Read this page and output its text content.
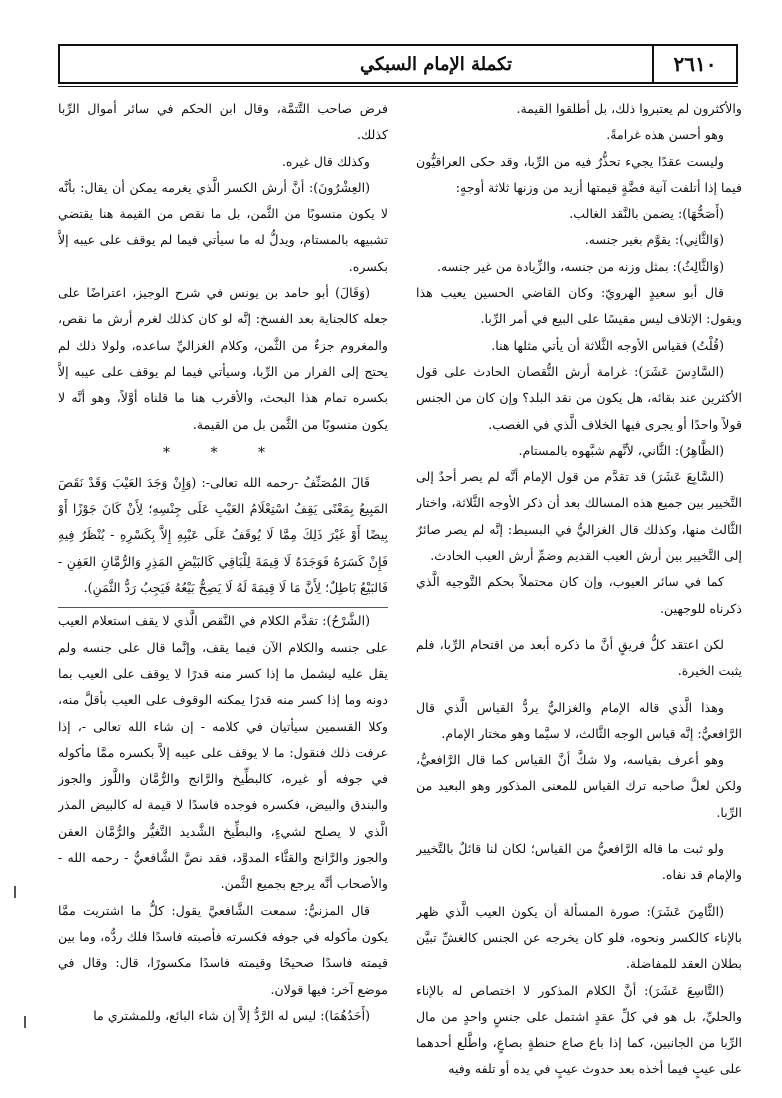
٢٦١٠
تكملة الإمام السبكي

والأكثرون لم يعتبروا ذلك، بل أطلقوا القيمة.

وهو أحسن هذه غرامةً.

وليست عقدًا يجيء تحذُّرٌ فيه من الرِّبا، وقد حكى العراقيُّون فيما إذا أتلفت آنية فضَّةٍ قيمتها أزيد من وزنها ثلاثة أوجهٍ:

(أَصَحُّهَا): يضمن بالنَّقد الغالب.

(وَالثَّانِي): يقوَّم بغير جنسه.

(وَالثَّالِثُ): بمثل وزنه من جنسه، والزِّيادة من غير جنسه.

قال أبو سعيدٍ الهرويّ: وكان القاضي الحسين يعيب هذا ويقول: الإتلاف ليس مقيسًا على البيع في أمر الرِّبا.

(قُلْتُ) فقياس الأوجه الثَّلاثة أن يأتي مثلها هنا.

(السَّادِسَ عَشَرَ): غرامة أرش النُّقصان الحادث على قول الأكثرين عند بقائه، هل يكون من نقد البلد؟ وإن كان من الجنس قولاً واحدًا أو يجرى فيها الخلاف الَّذي في الغصب.

(الظَّاهِرُ): الثَّاني، لأنَّهم شبَّهوه بالمستام.

(السَّابِعَ عَشَرَ) قد تقدَّم من قول الإمام أنَّه لم يصر أحدٌ إلى التَّخيير بين جميع هذه المسالك بعد أن ذكر الأوجه الثَّلاثة، واختار الثَّالث منها، وكذلك قال الغزاليُّ في البسيط: إنَّه لم يصر صائرٌ إلى التَّخيير بين أرش العيب القديم وضمِّ أرش العيب الحادث.

كما في سائر العيوب، وإن كان محتملاً بحكم التَّوجيه الَّذي ذكرناه للوجهين.

لكن اعتقد كلُّ فريقٍ أنَّ ما ذكره أبعد من اقتحام الرِّبا، فلم يثبت الخيرة.

وهذا الَّذي قاله الإمام والغزاليُّ يردُّ القياس الَّذي قال الرَّافعيُّ: إنَّه قياس الوجه الثَّالث، لا سيَّما وهو مختار الإمام.

وهو أعرف بقياسه، ولا شكَّ أنَّ القياس كما قال الرَّافعيُّ، ولكن لعلَّ صاحبه ترك القياس للمعنى المذكور وهو البعيد من الرِّبا.

ولو ثبت ما قاله الرَّافعيُّ من القياس؛ لكان لنا قائلٌ بالتَّخيير والإمام قد نفاه.

(الثَّامِنَ عَشَرَ): صورة المسألة أن يكون العيب الَّذي ظهر بالإناء كالكسر ونحوه، فلو كان يخرجه عن الجنس كالغشِّ تبيَّن بطلان العقد للمفاضلة.

(التَّاسِعَ عَشَرَ): أنَّ الكلام المذكور لا اختصاص له بالإناء والحليِّ، بل هو في كلِّ عقدٍ اشتمل على جنسٍ واحدٍ من مال الرِّبا من الجانبين، كما إذا باع صاع حنطةٍ بصاعٍ، واطَّلع أحدهما على عيبٍ فيما أخذه بعد حدوث عيبٍ في يده أو تلفه وفيه

فرض صاحب التَّتمَّة، وقال ابن الحكم في سائر أموال الرِّبا كذلك.

وكذلك قال غيره.

(العِشْرُونَ): أنَّ أرش الكسر الَّذي يغرمه يمكن أن يقال: بأنَّه لا يكون منسوبًا من الثَّمن، بل ما نقص من القيمة هنا يقتضي تشبيهه بالمستام، ويدلُّ له ما سيأتي فيما لم يوقف على عيبه إلاَّ بكسره.

(وَقَالَ) أبو حامد بن يونس في شرح الوجيز، اعتراضًا على جعله كالجناية بعد الفسخ: إنَّه لو كان كذلك لغرم أرش ما نقص، والمغروم جزءٌ من الثَّمن، وكلام الغزاليِّ ساعده، ولولا ذلك لم يحتج إلى الفرار من الرِّبا، وسيأتي فيما لم يوقف على عيبه إلاَّ بكسره تمام هذا البحث، والأقرب هنا ما قلناه أوَّلاً، وهو أنَّه لا يكون منسوبًا من الثَّمن بل من القيمة.

* * *

قَالَ المُصَنِّفُ -رحمه الله تعالى-: (وَإِنْ وَجَدَ العَيْبَ وَقَدْ نَقَصَ المَبِيعُ بِمَعْنًى يَقِفُ اسْتِعْلَامُ العَيْبِ عَلَى جِنْسِهِ؛ لِأَنْ كَانَ جَوْزًا أَوْ بِيضًا أَوْ غَيْرَ ذَلِكَ مِمَّا لَا يُوقَفُ عَلَى عَيْبِهِ إِلاَّ بِكَسْرِهِ - يُنْظَرُ فِيهِ فَإِنْ كَسَرَهُ فَوَجَدَهُ لَا قِيمَةَ لِلْبَاقِي كَالبَيْضِ المَذِرِ وَالرُّمَّانِ العَفِنِ - فَالبَيْعُ بَاطِلٌ؛ لِأَنَّ مَا لَا قِيمَةَ لَهُ لَا يَصِحُّ بَيْعُهُ فَيَجِبُ رَدُّ الثَّمَنِ).

(الشَّرْحُ): تقدَّم الكلام في النَّقص الَّذي لا يقف استعلام العيب على جنسه والكلام الآن فيما يقف، وإنَّما قال على جنسه ولم يقل عليه ليشمل ما إذا كسر منه قدرًا لا يوقف على العيب بما دونه وما إذا كسر منه قدرًا يمكنه الوقوف على العيب بأقلَّ منه، وكلا القسمين سيأتيان في كلامه - إن شاء الله تعالى -، إذا عرفت ذلك فنقول: ما لا يوقف على عيبه إلاَّ بكسره ممَّا مأكوله في جوفه أو غيره، كالبطِّيخ والرَّانج والرُّمَّان واللَّوز والجوز والبندق والبيض، فكسره فوجده فاسدًا لا قيمة له كالبيض المذر الَّذي لا يصلح لشيءٍ، والبطِّيخ الشَّديد التَّغيُّر والرُّمَّان العفن والجوز والرَّانج والقثَّاء المدوَّد، فقد نصَّ الشَّافعيُّ - رحمه الله - والأصحاب أنَّه يرجع بجميع الثَّمن.

قال المزنيُّ: سمعت الشَّافعيَّ يقول: كلُّ ما اشتريت ممَّا يكون مأكوله في جوفه فكسرته فأصبته فاسدًا فلك ردُّه، وما بين قيمته فاسدًا صحيحًا وقيمته فاسدًا مكسورًا، قال: وقال في موضع آخر: فيها قولان.

(أَحَدُهُمَا): ليس له الرَّدُّ إلاَّ إن شاء البائع، وللمشتري ما
